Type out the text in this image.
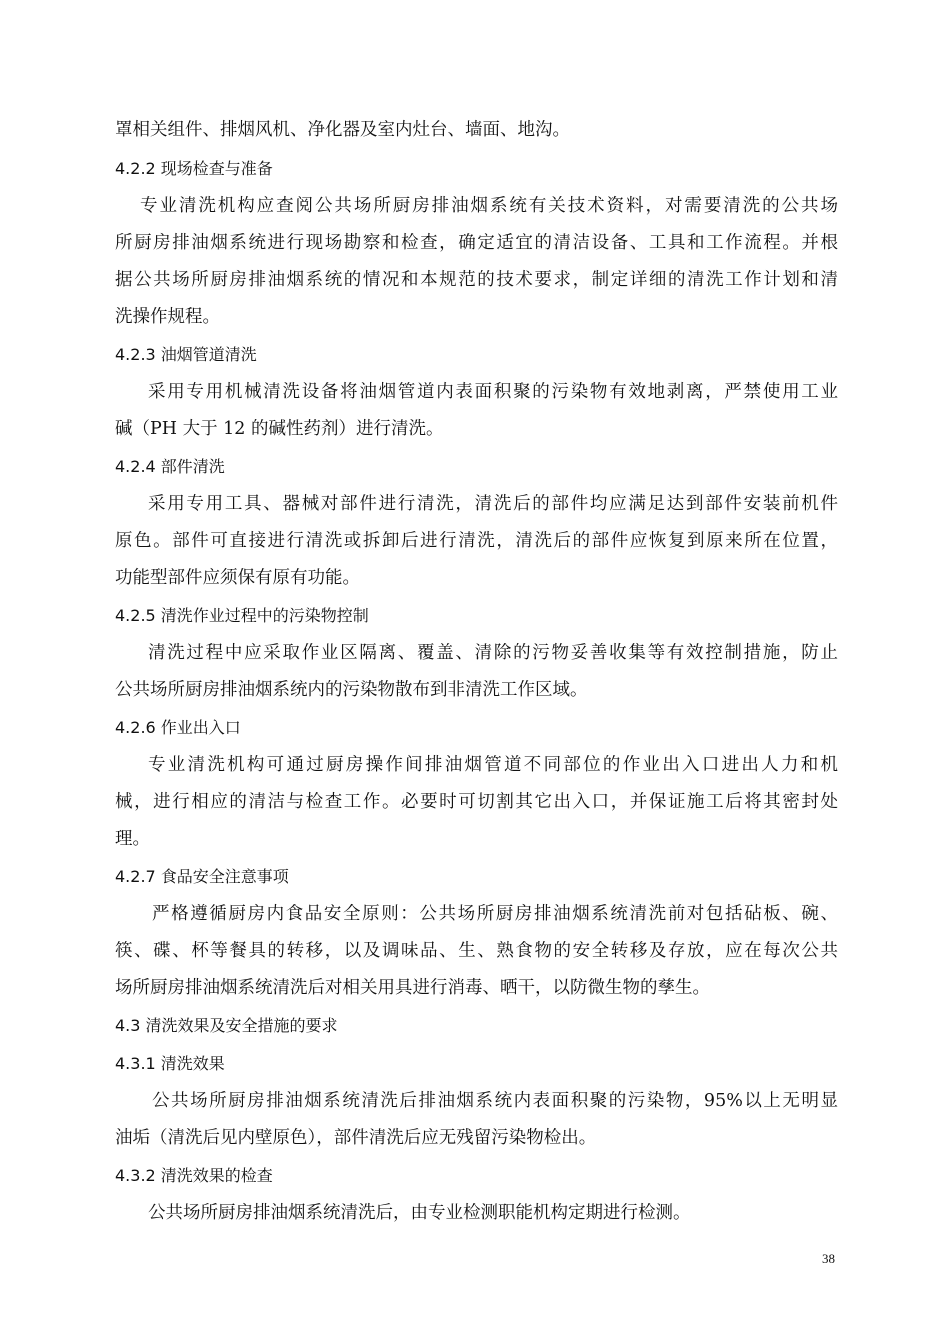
罩相关组件、排烟风机、净化器及室内灶台、墙面、地沟。
4.2.2 现场检查与准备
专业清洗机构应查阅公共场所厨房排油烟系统有关技术资料，对需要清洗的公共场
所厨房排油烟系统进行现场勘察和检查，确定适宜的清洁设备、工具和工作流程。并根
据公共场所厨房排油烟系统的情况和本规范的技术要求，制定详细的清洗工作计划和清
洗操作规程。
4.2.3 油烟管道清洗
采用专用机械清洗设备将油烟管道内表面积聚的污染物有效地剥离，严禁使用工业
碱（PH 大于 12 的碱性药剂）进行清洗。
4.2.4 部件清洗
采用专用工具、器械对部件进行清洗，清洗后的部件均应满足达到部件安装前机件
原色。部件可直接进行清洗或拆卸后进行清洗，清洗后的部件应恢复到原来所在位置，
功能型部件应须保有原有功能。
4.2.5 清洗作业过程中的污染物控制
清洗过程中应采取作业区隔离、覆盖、清除的污物妥善收集等有效控制措施，防止
公共场所厨房排油烟系统内的污染物散布到非清洗工作区域。
4.2.6 作业出入口
专业清洗机构可通过厨房操作间排油烟管道不同部位的作业出入口进出人力和机
械，进行相应的清洁与检查工作。必要时可切割其它出入口，并保证施工后将其密封处
理。
4.2.7 食品安全注意事项
严格遵循厨房内食品安全原则：公共场所厨房排油烟系统清洗前对包括砧板、碗、
筷、碟、杯等餐具的转移，以及调味品、生、熟食物的安全转移及存放，应在每次公共
场所厨房排油烟系统清洗后对相关用具进行消毒、晒干，以防微生物的孳生。
4.3 清洗效果及安全措施的要求
4.3.1 清洗效果
公共场所厨房排油烟系统清洗后排油烟系统内表面积聚的污染物，95%以上无明显
油垢（清洗后见内壁原色），部件清洗后应无残留污染物检出。
4.3.2 清洗效果的检查
公共场所厨房排油烟系统清洗后，由专业检测职能机构定期进行检测。
38
